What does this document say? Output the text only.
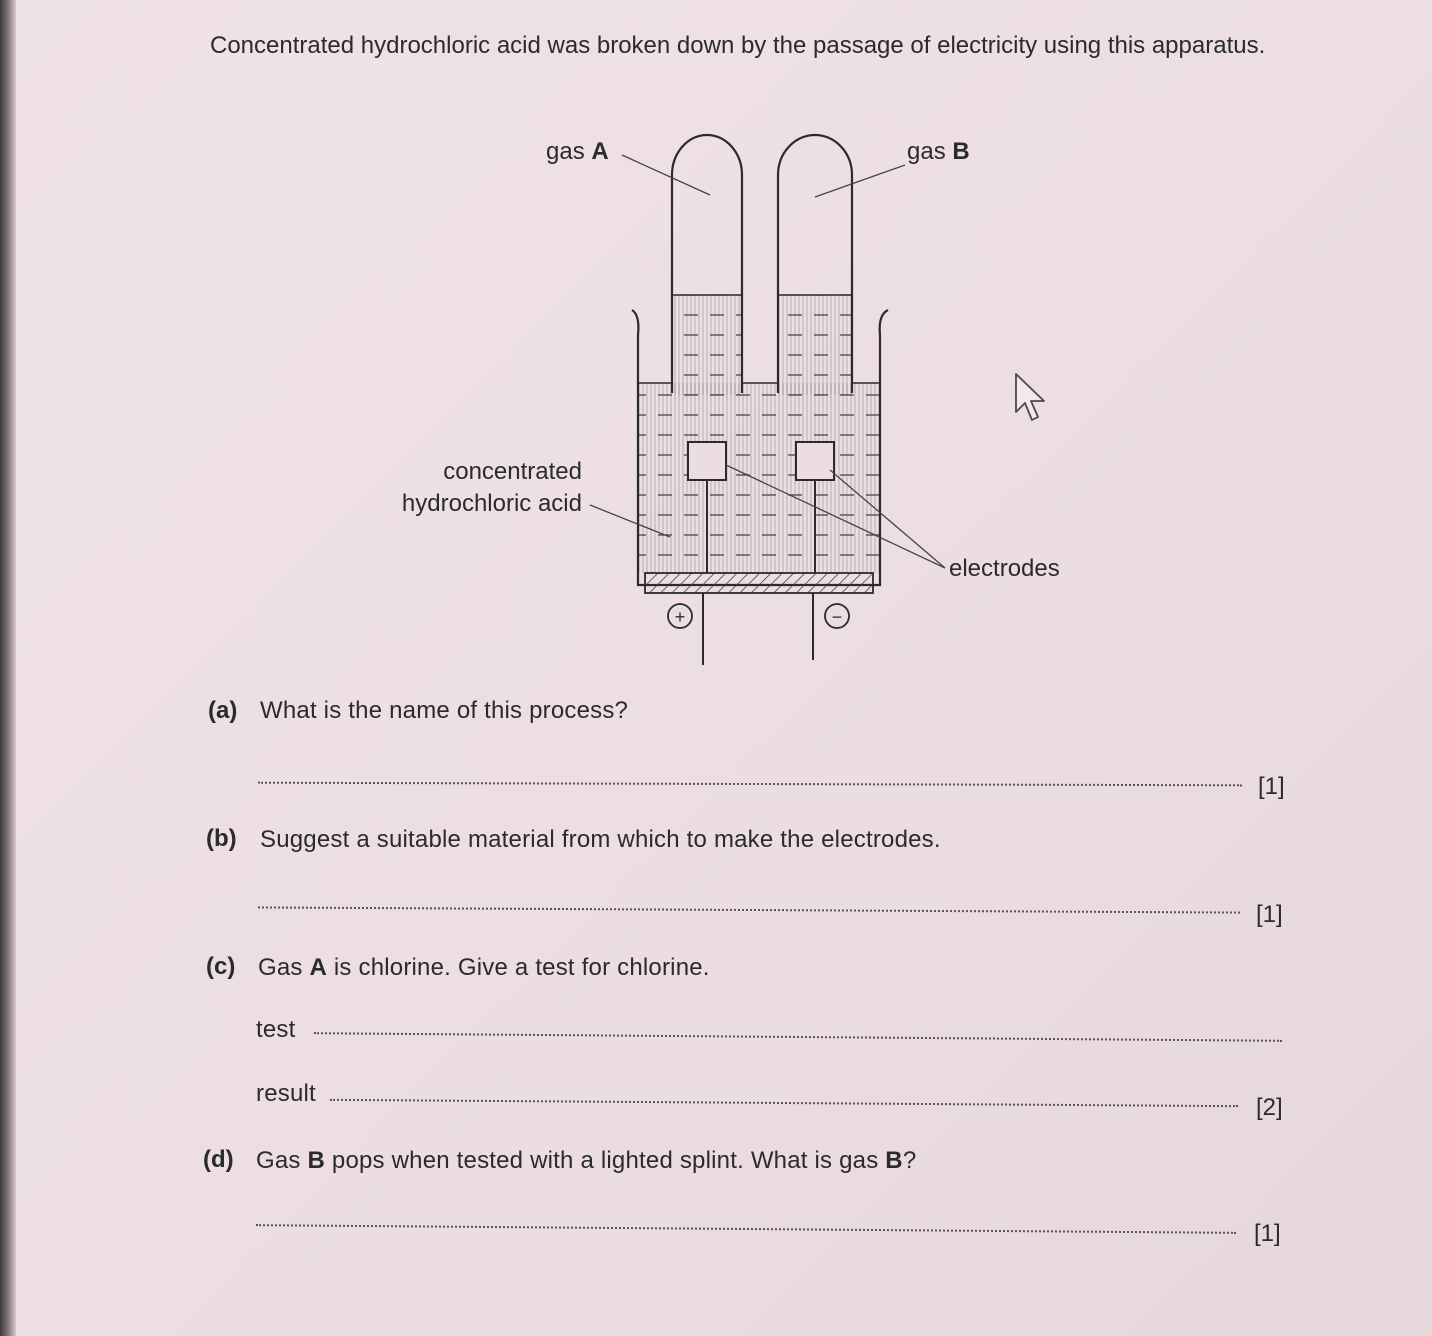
Concentrated hydrochloric acid was broken down by the passage of electricity using this apparatus.
+	−
gas A	gas B
concentrated
hydrochloric acid
electrodes
(a) What is the name of this process?
[1]
(b) Suggest a suitable material from which to make the electrodes.
[1]
(c) Gas A is chlorine. Give a test for chlorine.
test
result
[2]
(d) Gas B pops when tested with a lighted splint. What is gas B?
[1]
